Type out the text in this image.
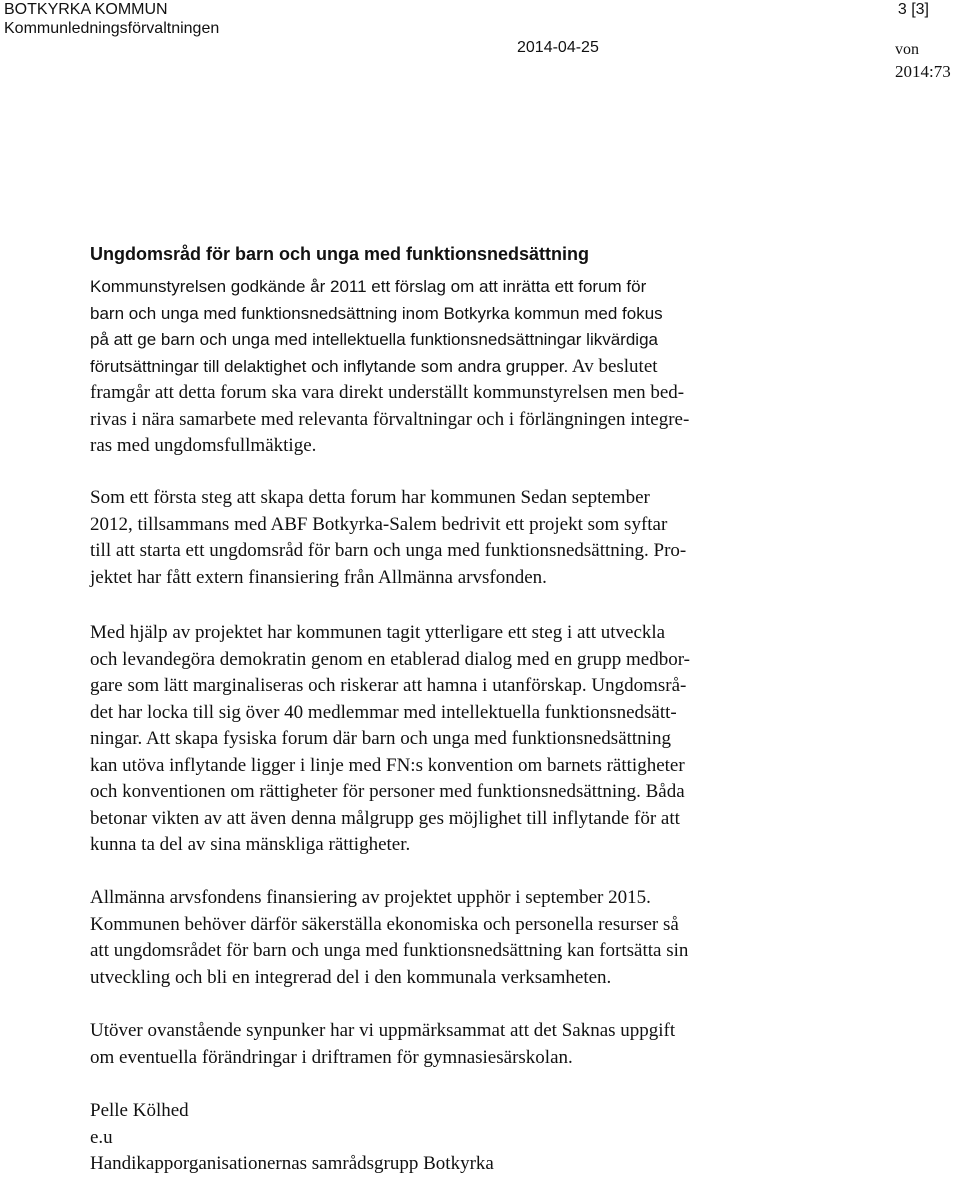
BOTKYRKA KOMMUN
Kommunledningsförvaltningen
2014-04-25
3 [3]
von
2014:73
Ungdomsråd för barn och unga med funktionsnedsättning
Kommunstyrelsen godkände år 2011 ett förslag om att inrätta ett forum för
barn och unga med funktionsnedsättning inom Botkyrka kommun med fokus
på att ge barn och unga med intellektuella funktionsnedsättningar likvärdiga
förutsättningar till delaktighet och inflytande som andra grupper. Av beslutet
framgår att detta forum ska vara direkt underställt kommunstyrelsen men bed-
rivas i nära samarbete med relevanta förvaltningar och i förlängningen integre-
ras med ungdomsfullmäktige.
Som ett första steg att skapa detta forum har kommunen Sedan september
2012, tillsammans med ABF Botkyrka-Salem bedrivit ett projekt som syftar
till att starta ett ungdomsråd för barn och unga med funktionsnedsättning. Pro-
jektet har fått extern finansiering från Allmänna arvsfonden.
Med hjälp av projektet har kommunen tagit ytterligare ett steg i att utveckla
och levandegöra demokratin genom en etablerad dialog med en grupp medbor-
gare som lätt marginaliseras och riskerar att hamna i utanförskap. Ungdomsrå-
det har locka till sig över 40 medlemmar med intellektuella funktionsnedsätt-
ningar. Att skapa fysiska forum där barn och unga med funktionsnedsättning
kan utöva inflytande ligger i linje med FN:s konvention om barnets rättigheter
och konventionen om rättigheter för personer med funktionsnedsättning. Båda
betonar vikten av att även denna målgrupp ges möjlighet till inflytande för att
kunna ta del av sina mänskliga rättigheter.
Allmänna arvsfondens finansiering av projektet upphör i september 2015.
Kommunen behöver därför säkerställa ekonomiska och personella resurser så
att ungdomsrådet för barn och unga med funktionsnedsättning kan fortsätta sin
utveckling och bli en integrerad del i den kommunala verksamheten.
Utöver ovanstående synpunker har vi uppmärksammat att det Saknas uppgift
om eventuella förändringar i driftramen för gymnasiesärskolan.
Pelle Kölhed
e.u
Handikapporganisationernas samrådsgrupp Botkyrka
